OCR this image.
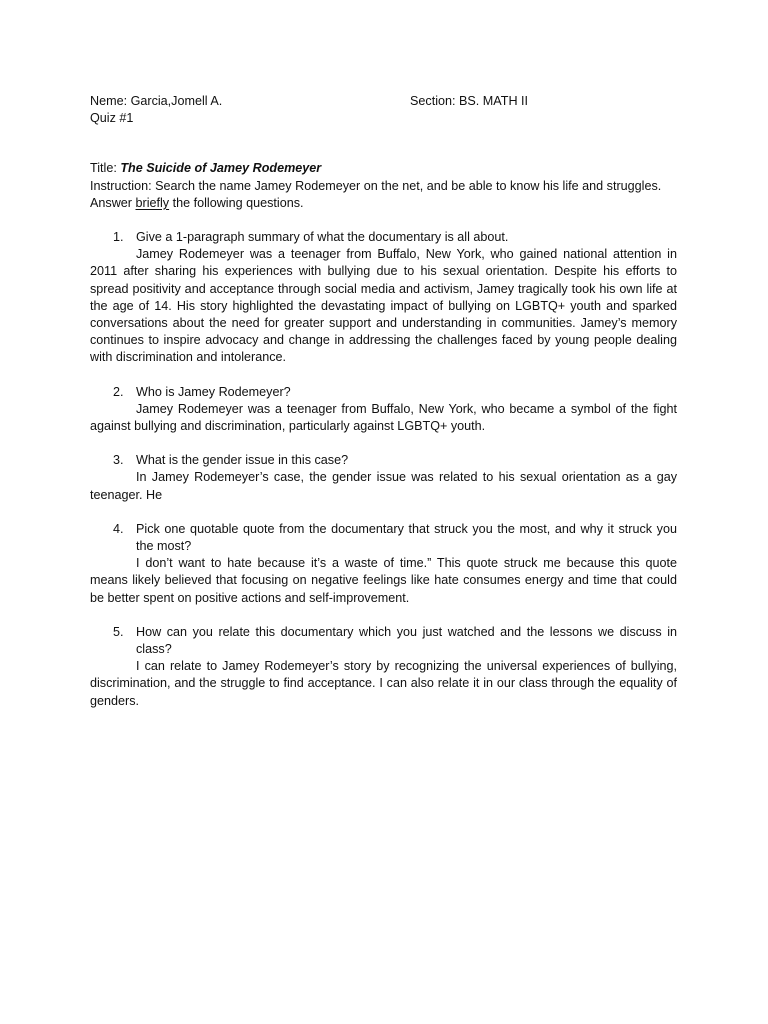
Neme: Garcia,Jomell A.	Section: BS. MATH II
Quiz #1
Title: The Suicide of Jamey Rodemeyer
Instruction: Search the name Jamey Rodemeyer on the net, and be able to know his life and struggles.
Answer briefly the following questions.
1. Give a 1-paragraph summary of what the documentary is all about.

Jamey Rodemeyer was a teenager from Buffalo, New York, who gained national attention in 2011 after sharing his experiences with bullying due to his sexual orientation. Despite his efforts to spread positivity and acceptance through social media and activism, Jamey tragically took his own life at the age of 14. His story highlighted the devastating impact of bullying on LGBTQ+ youth and sparked conversations about the need for greater support and understanding in communities. Jamey’s memory continues to inspire advocacy and change in addressing the challenges faced by young people dealing with discrimination and intolerance.

2. Who is Jamey Rodemeyer?

Jamey Rodemeyer was a teenager from Buffalo, New York, who became a symbol of the fight against bullying and discrimination, particularly against LGBTQ+ youth.

3. What is the gender issue in this case?

In Jamey Rodemeyer’s case, the gender issue was related to his sexual orientation as a gay teenager. He

4. Pick one quotable quote from the documentary that struck you the most, and why it struck you the most?

I don’t want to hate because it’s a waste of time.” This quote struck me because this quote means likely believed that focusing on negative feelings like hate consumes energy and time that could be better spent on positive actions and self-improvement.

5. How can you relate this documentary which you just watched and the lessons we discuss in class?

I can relate to Jamey Rodemeyer’s story by recognizing the universal experiences of bullying, discrimination, and the struggle to find acceptance. I can also relate it in our class through the equality of genders.
